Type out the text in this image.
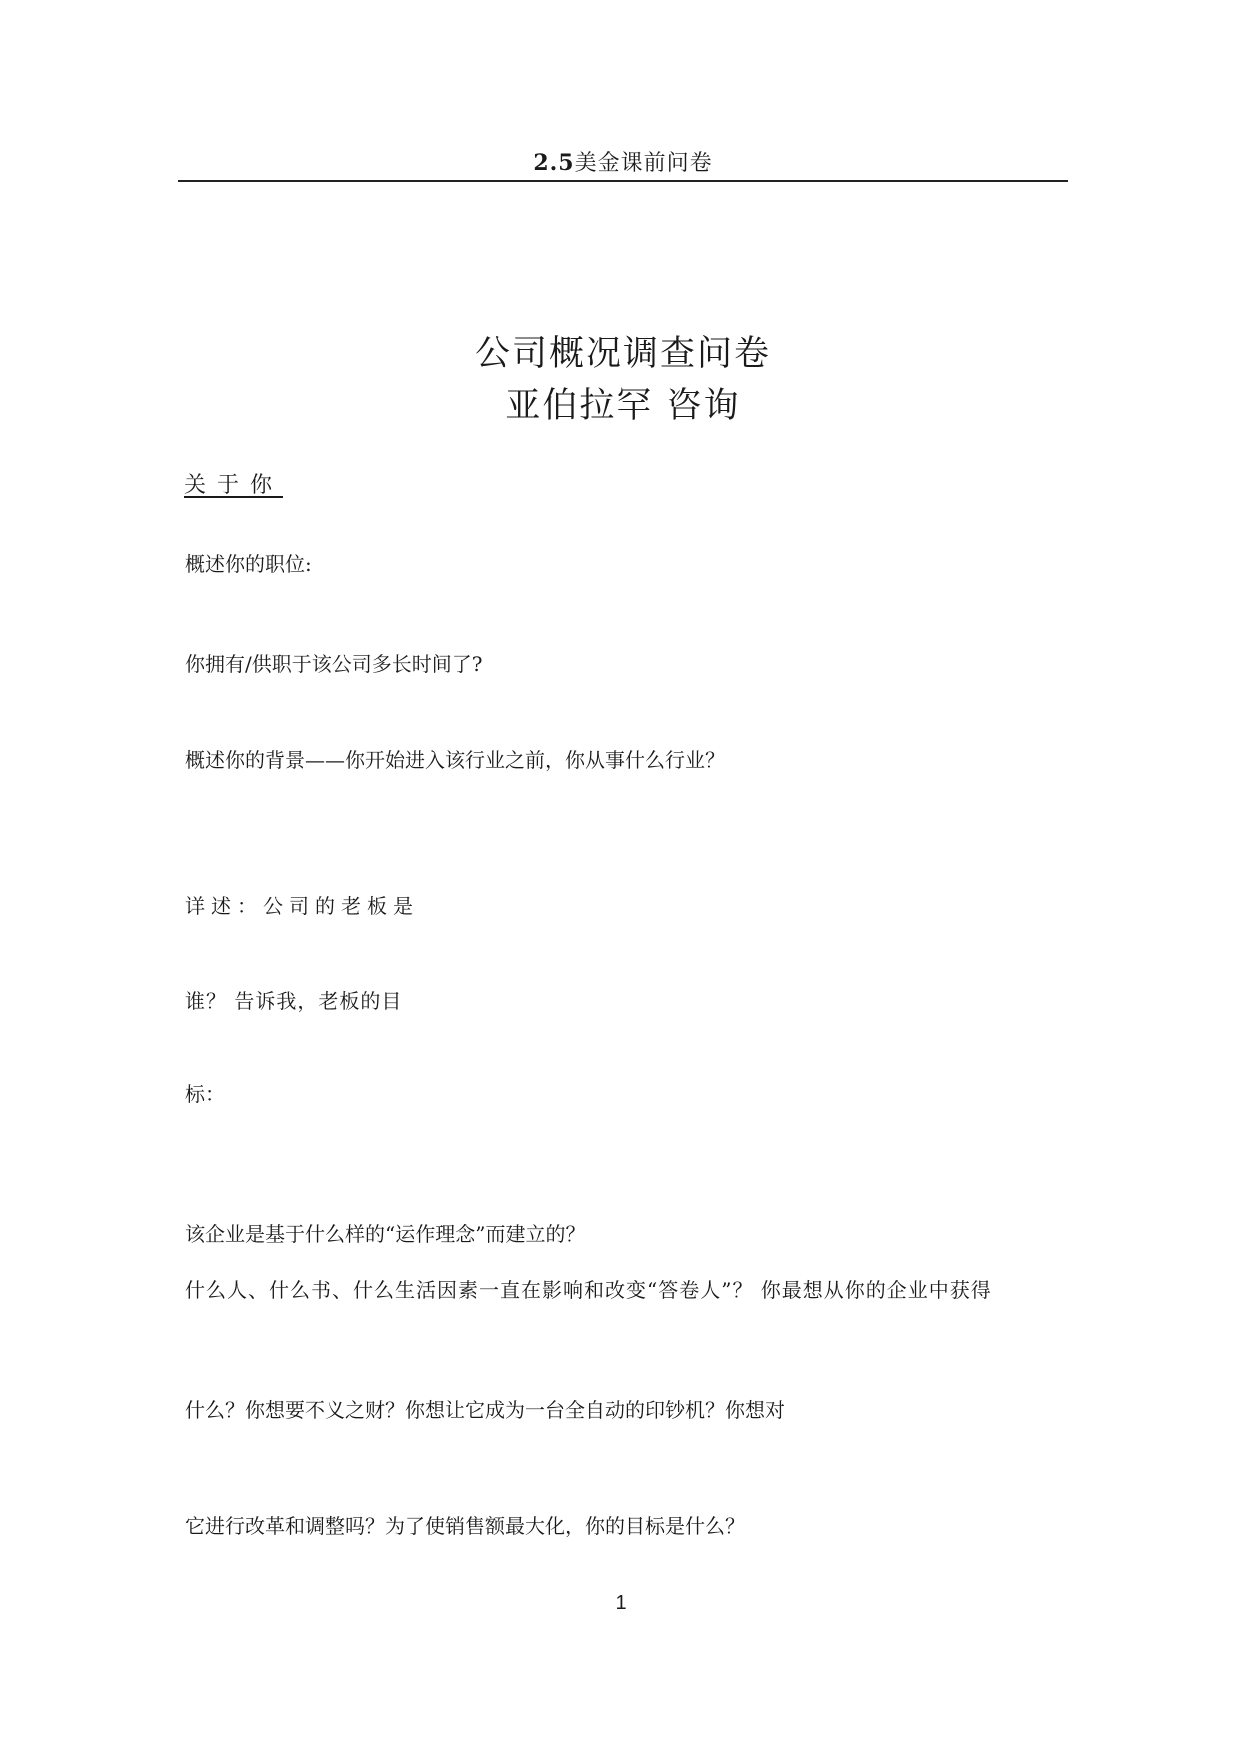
2.5美金课前问卷
公司概况调查问卷
亚伯拉罕 咨询
关于你
概述你的职位:
你拥有/供职于该公司多长时间了?
概述你的背景——你开始进入该行业之前，你从事什么行业？
详述：公司的老板是
谁？ 告诉我，老板的目
标：
该企业是基于什么样的“运作理念”而建立的？
什么人、什么书、什么生活因素一直在影响和改变“答卷人”？ 你最想从你的企业中获得
什么？你想要不义之财？你想让它成为一台全自动的印钞机？你想对
它进行改革和调整吗？为了使销售额最大化，你的目标是什么？
1
